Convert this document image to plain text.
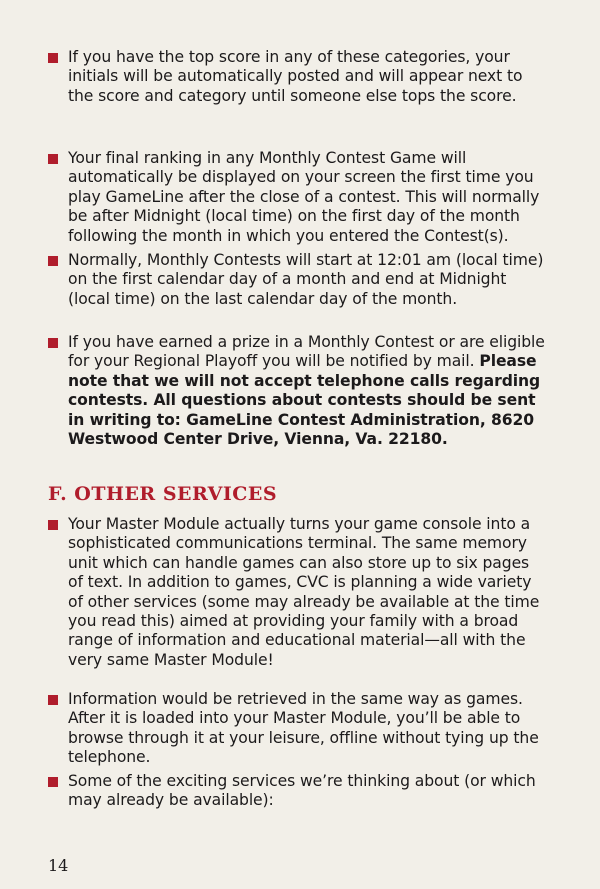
If you have the top score in any of these categories, your initials will be automatically posted and will appear next to the score and category until someone else tops the score.
Your final ranking in any Monthly Contest Game will automatically be displayed on your screen the first time you play GameLine after the close of a contest. This will normally be after Midnight (local time) on the first day of the month following the month in which you entered the Contest(s).
Normally, Monthly Contests will start at 12:01 am (local time) on the first calendar day of a month and end at Midnight (local time) on the last calendar day of the month.
If you have earned a prize in a Monthly Contest or are eligible for your Regional Playoff you will be notified by mail. Please note that we will not accept telephone calls regarding contests. All questions about contests should be sent in writing to: GameLine Contest Administration, 8620 Westwood Center Drive, Vienna, Va. 22180.
F. OTHER SERVICES
Your Master Module actually turns your game console into a sophisticated communications terminal. The same memory unit which can handle games can also store up to six pages of text. In addition to games, CVC is planning a wide variety of other services (some may already be available at the time you read this) aimed at providing your family with a broad range of information and educational material—all with the very same Master Module!
Information would be retrieved in the same way as games. After it is loaded into your Master Module, you’ll be able to browse through it at your leisure, offline without tying up the telephone.
Some of the exciting services we’re thinking about (or which may already be available):
14
